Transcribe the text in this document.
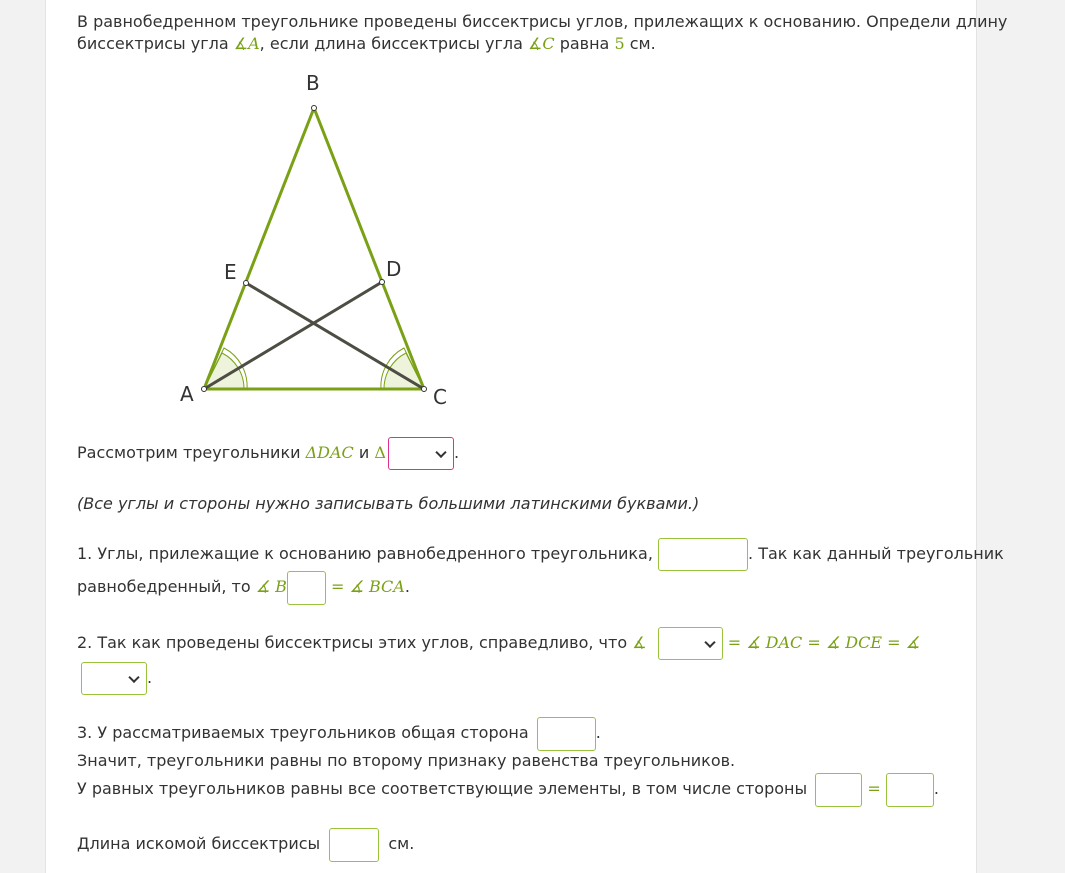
В равнобедренном треугольнике проведены биссектрисы углов, прилежащих к основанию. Определи длину
биссектрисы угла ∡A, если длина биссектрисы угла ∡C равна 5 см.
B
A	C
D
E
Рассмотрим треугольники ΔDAC и Δ	.
(Все углы и стороны нужно записывать большими латинскими буквами.)
1. Углы, прилежащие к основанию равнобедренного треугольника,	. Так как данный треугольник
равнобедренный, то ∡ B	= ∡ BCA.
2. Так как проведены биссектрисы этих углов, справедливо, что ∡	= ∡ DAC = ∡ DCE = ∡
.
3. У рассматриваемых треугольников общая сторона	.
Значит, треугольники равны по второму признаку равенства треугольников.
У равных треугольников равны все соответствующие элементы, в том числе стороны	=	.
Длина искомой биссектрисы	см.
